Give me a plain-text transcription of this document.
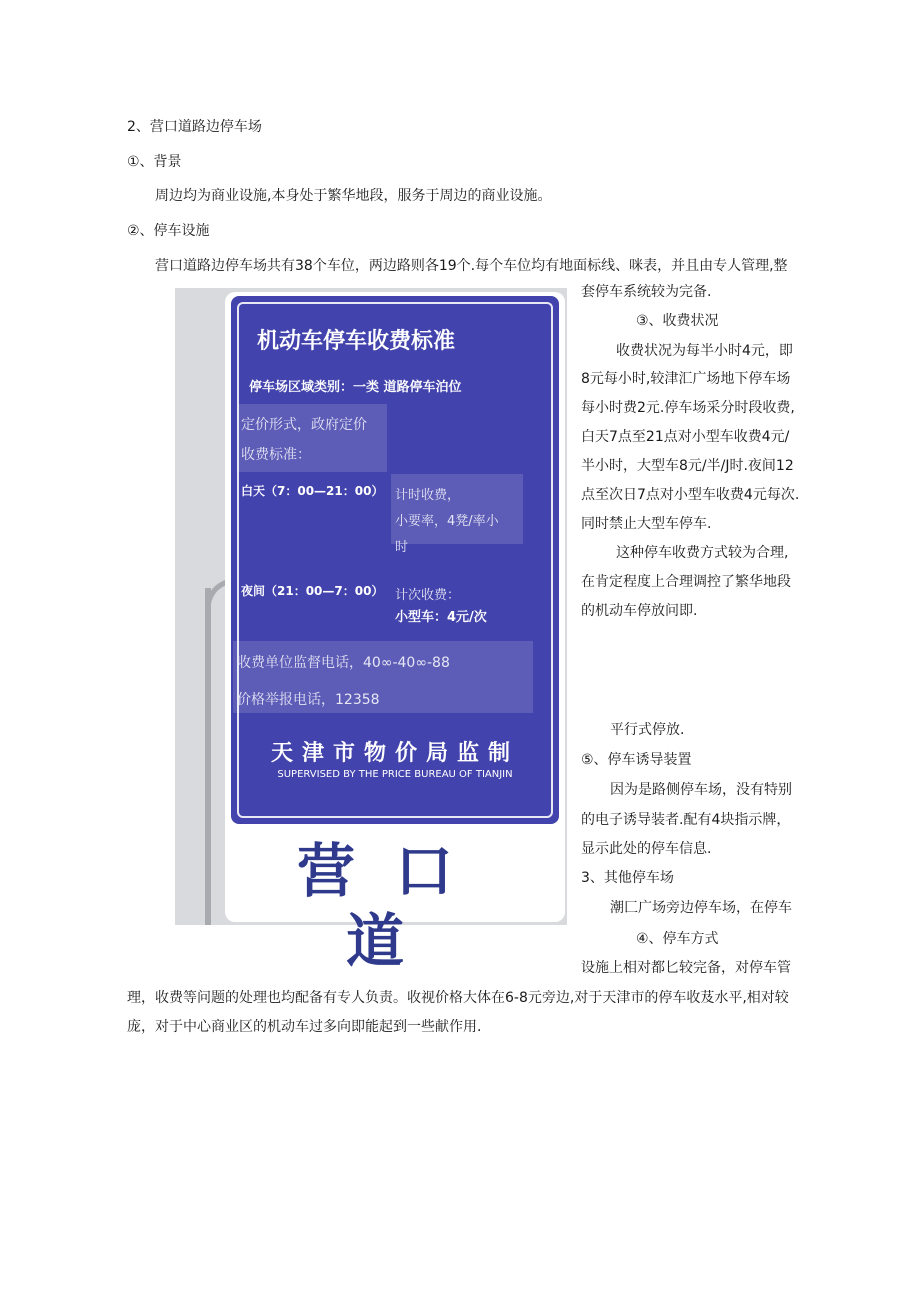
2、营口道路边停车场
①、背景
周边均为商业设施,本身处于繁华地段，服务于周边的商业设施。
②、停车设施
营口道路边停车场共有38个车位，两边路则各19个.每个车位均有地面标线、咪表，并且由专人管理,整
套停车系统较为完备.
③、收费状况
收费状况为每半小时4元，即
8元每小时,较津汇广场地下停车场
每小时费2元.停车场采分时段收费,
白天7点至21点对小型车收费4元/
半小时，大型车8元/半/J时.夜间12
点至次日7点对小型车收费4元每次.
同时禁止大型车停车.
这种停车收费方式较为合理,
在肯定程度上合理调控了繁华地段
的机动车停放问即.
平行式停放.
⑤、停车诱导装置
因为是路侧停车场，没有特别
的电子诱导装者.配有4块指示牌，
显示此处的停车信息.
3、其他停车场
潮匚广场旁边停车场，在停车
④、停车方式
设施上相对都匕较完备，对停车管
理，收费等问题的处理也均配备有专人负责。收视价格大体在6-8元旁边,对于天津市的停车收芨水平,相对较
庞，对于中心商业区的机动车过多向即能起到一些献作用.
机动车停车收费标准
停车场区域类别：一类 道路停车泊位
定价形式，政府定价
收费标准：
白天（7：00—21：00） 计时收费，
小要率，4凳/率小
时
夜间（21：00—7：00） 计次收费：
小型车：4元/次
收费单位监督电话，40∞-40∞-88
价格举报电话，12358
天津市物价局监制
SUPERVISED BY THE PRICE BUREAU OF TIANJIN
营口道
